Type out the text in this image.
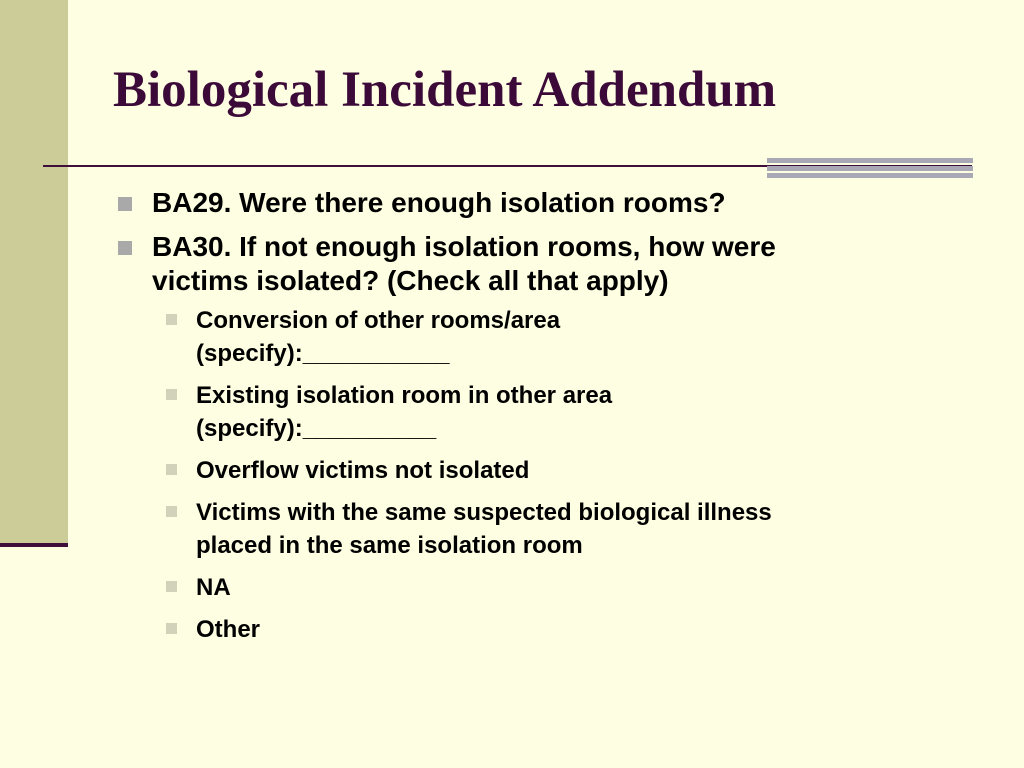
Biological Incident Addendum
BA29. Were there enough isolation rooms?
BA30. If not enough isolation rooms, how were
victims isolated? (Check all that apply)
Conversion of other rooms/area
(specify):___________
Existing isolation room in other area
(specify):__________
Overflow victims not isolated
Victims with the same suspected biological illness
placed in the same isolation room
NA
Other
